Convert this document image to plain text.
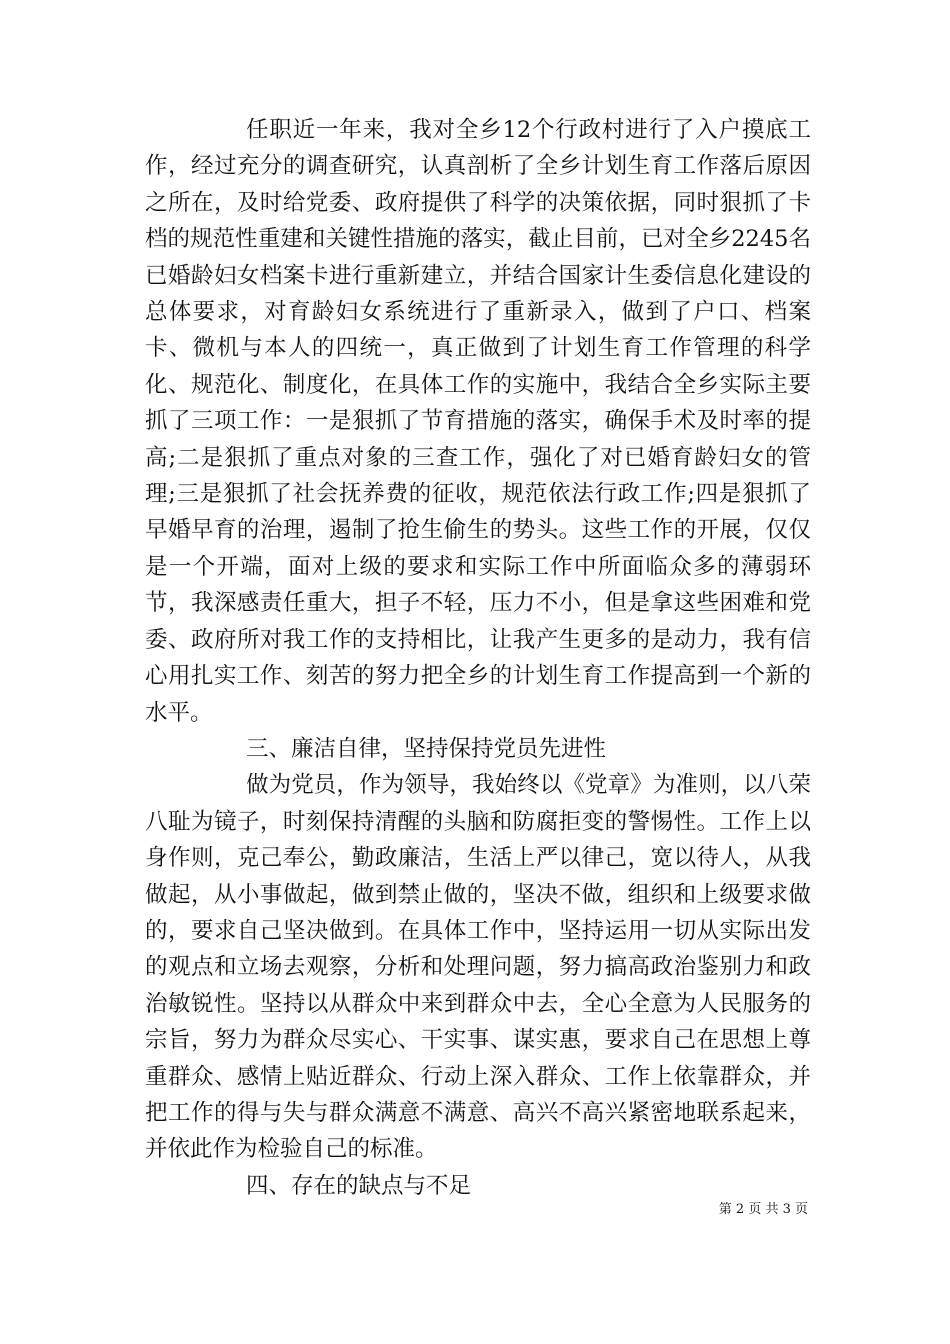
任职近一年来，我对全乡12个行政村进行了入户摸底工作，经过充分的调查研究，认真剖析了全乡计划生育工作落后原因之所在，及时给党委、政府提供了科学的决策依据，同时狠抓了卡档的规范性重建和关键性措施的落实，截止目前，已对全乡2245名已婚龄妇女档案卡进行重新建立，并结合国家计生委信息化建设的总体要求，对育龄妇女系统进行了重新录入，做到了户口、档案卡、微机与本人的四统一，真正做到了计划生育工作管理的科学化、规范化、制度化，在具体工作的实施中，我结合全乡实际主要抓了三项工作：一是狠抓了节育措施的落实，确保手术及时率的提高;二是狠抓了重点对象的三查工作，强化了对已婚育龄妇女的管理;三是狠抓了社会抚养费的征收，规范依法行政工作;四是狠抓了早婚早育的治理，遏制了抢生偷生的势头。这些工作的开展，仅仅是一个开端，面对上级的要求和实际工作中所面临众多的薄弱环节，我深感责任重大，担子不轻，压力不小，但是拿这些困难和党委、政府所对我工作的支持相比，让我产生更多的是动力，我有信心用扎实工作、刻苦的努力把全乡的计划生育工作提高到一个新的水平。

三、廉洁自律，坚持保持党员先进性

做为党员，作为领导，我始终以《党章》为准则，以八荣八耻为镜子，时刻保持清醒的头脑和防腐拒变的警惕性。工作上以身作则，克己奉公，勤政廉洁，生活上严以律己，宽以待人，从我做起，从小事做起，做到禁止做的，坚决不做，组织和上级要求做的，要求自己坚决做到。在具体工作中，坚持运用一切从实际出发的观点和立场去观察，分析和处理问题，努力搞高政治鉴别力和政治敏锐性。坚持以从群众中来到群众中去，全心全意为人民服务的宗旨，努力为群众尽实心、干实事、谋实惠，要求自己在思想上尊重群众、感情上贴近群众、行动上深入群众、工作上依靠群众，并把工作的得与失与群众满意不满意、高兴不高兴紧密地联系起来，并依此作为检验自己的标准。

四、存在的缺点与不足

第 2 页 共 3 页
